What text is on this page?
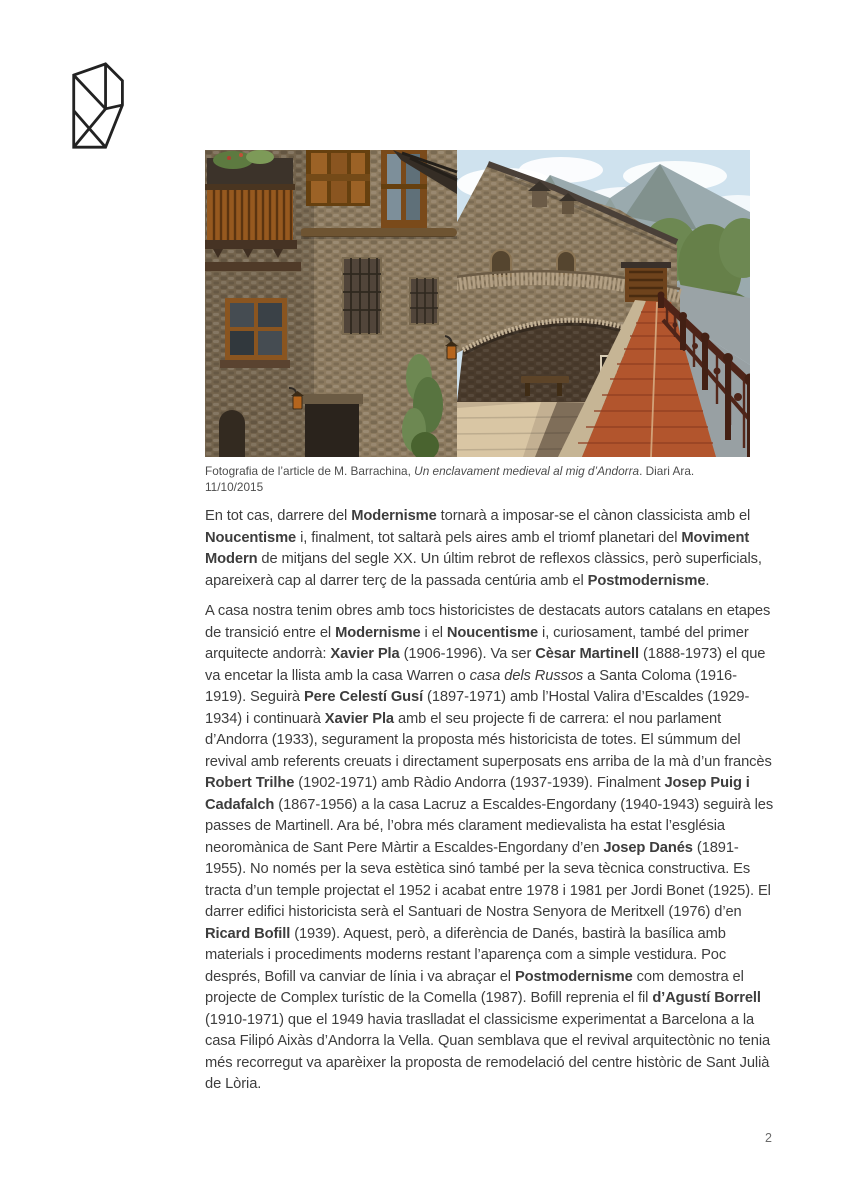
Fotografia de l’article de M. Barrachina, Un enclavament medieval al mig d’Andorra. Diari Ara.
11/10/2015

En tot cas, darrere del Modernisme tornarà a imposar-se el cànon classicista amb el Noucentisme i, finalment, tot saltarà pels aires amb el triomf planetari del Moviment Modern de mitjans del segle XX. Un últim rebrot de reflexos clàssics, però superficials, apareixerà cap al darrer terç de la passada centúria amb el Postmodernisme.

A casa nostra tenim obres amb tocs historicistes de destacats autors catalans en etapes de transició entre el Modernisme i el Noucentisme i, curiosament, també del primer arquitecte andorrà: Xavier Pla (1906-1996). Va ser Cèsar Martinell (1888-1973) el que va encetar la llista amb la casa Warren o casa dels Russos a Santa Coloma (1916-1919). Seguirà Pere Celestí Gusí (1897-1971) amb l’Hostal Valira d’Escaldes (1929-1934) i continuarà Xavier Pla amb el seu projecte fi de carrera: el nou parlament d’Andorra (1933), segurament la proposta més historicista de totes. El súmmum del revival amb referents creuats i directament superposats ens arriba de la mà d’un francès Robert Trilhe (1902-1971) amb Ràdio Andorra (1937-1939). Finalment Josep Puig i Cadafalch (1867-1956) a la casa Lacruz a Escaldes-Engordany (1940-1943) seguirà les passes de Martinell. Ara bé, l’obra més clarament medievalista ha estat l’església neoromànica de Sant Pere Màrtir a Escaldes-Engordany d’en Josep Danés (1891-1955). No només per la seva estètica sinó també per la seva tècnica constructiva. Es tracta d’un temple projectat el 1952 i acabat entre 1978 i 1981 per Jordi Bonet (1925). El darrer edifici historicista serà el Santuari de Nostra Senyora de Meritxell (1976) d’en Ricard Bofill (1939). Aquest, però, a diferència de Danés, bastirà la basílica amb materials i procediments moderns restant l’aparença com a simple vestidura. Poc després, Bofill va canviar de línia i va abraçar el Postmodernisme com demostra el projecte de Complex turístic de la Comella (1987). Bofill reprenia el fil d’Agustí Borrell (1910-1971) que el 1949 havia traslladat el classicisme experimentat a Barcelona a la casa Filipó Aixàs d’Andorra la Vella. Quan semblava que el revival arquitectònic no tenia més recorregut va aparèixer la proposta de remodelació del centre històric de Sant Julià de Lòria.

2
